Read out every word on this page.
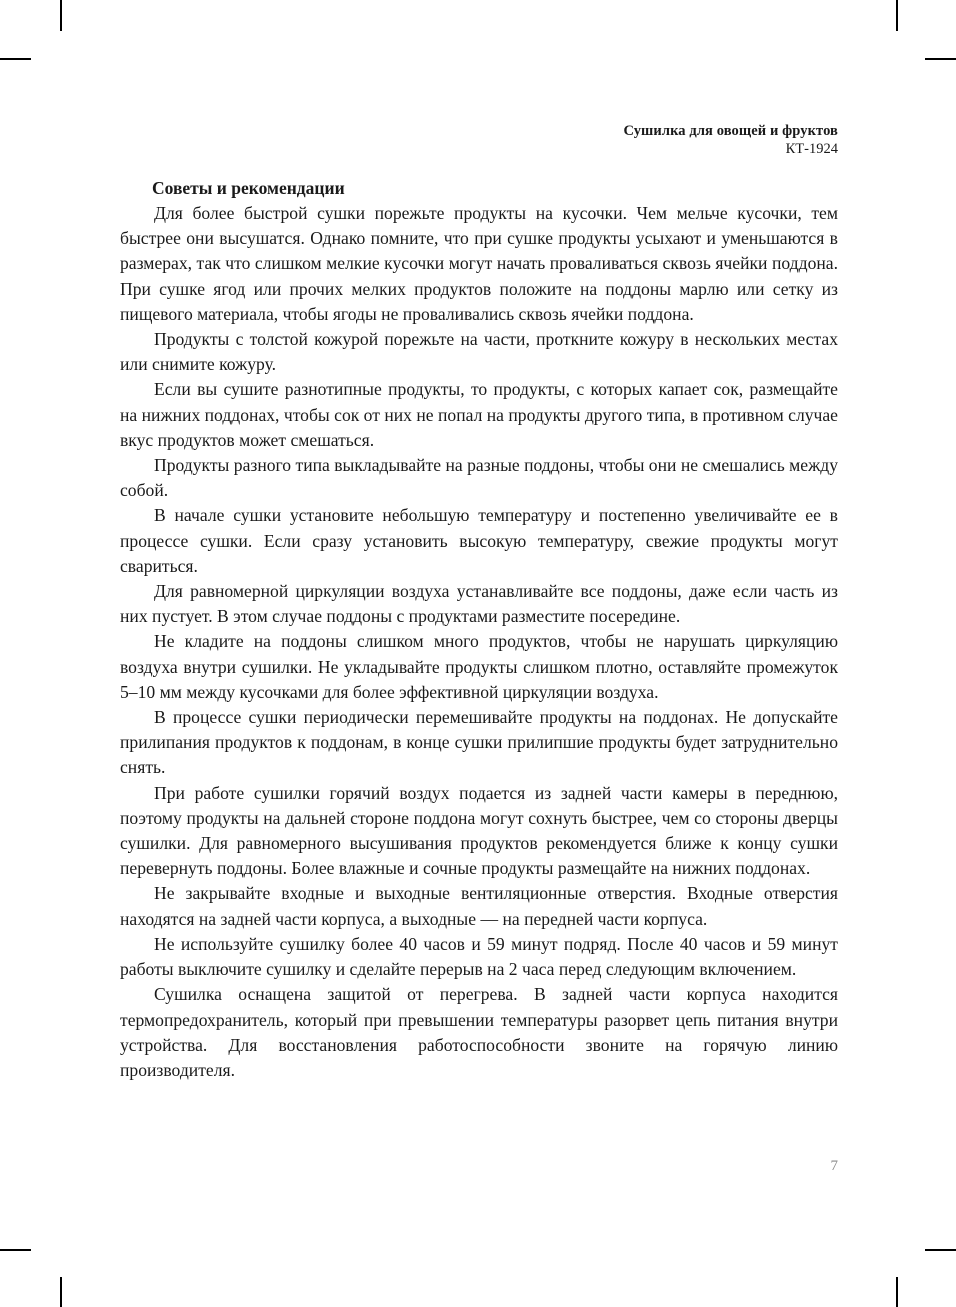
Сушилка для овощей и фруктов
КТ-1924
Советы и рекомендации

Для более быстрой сушки порежьте продукты на кусочки. Чем мельче кусочки, тем быстрее они высушатся. Однако помните, что при сушке продукты усыхают и уменьшаются в размерах, так что слишком мелкие кусочки могут начать проваливаться сквозь ячейки поддона. При сушке ягод или прочих мелких продуктов положите на поддоны марлю или сетку из пищевого материала, чтобы ягоды не проваливались сквозь ячейки поддона.

Продукты с толстой кожурой порежьте на части, проткните кожуру в нескольких местах или снимите кожуру.

Если вы сушите разнотипные продукты, то продукты, с которых капает сок, размещайте на нижних поддонах, чтобы сок от них не попал на продукты другого типа, в противном случае вкус продуктов может смешаться.

Продукты разного типа выкладывайте на разные поддоны, чтобы они не смешались между собой.

В начале сушки установите небольшую температуру и постепенно увеличивайте ее в процессе сушки. Если сразу установить высокую температуру, свежие продукты могут свариться.

Для равномерной циркуляции воздуха устанавливайте все поддоны, даже если часть из них пустует. В этом случае поддоны с продуктами разместите посередине.

Не кладите на поддоны слишком много продуктов, чтобы не нарушать циркуляцию воздуха внутри сушилки. Не укладывайте продукты слишком плотно, оставляйте промежуток 5–10 мм между кусочками для более эффективной циркуляции воздуха.

В процессе сушки периодически перемешивайте продукты на поддонах. Не допускайте прилипания продуктов к поддонам, в конце сушки прилипшие продукты будет затруднительно снять.

При работе сушилки горячий воздух подается из задней части камеры в переднюю, поэтому продукты на дальней стороне поддона могут сохнуть быстрее, чем со стороны дверцы сушилки. Для равномерного высушивания продуктов рекомендуется ближе к концу сушки перевернуть поддоны. Более влажные и сочные продукты размещайте на нижних поддонах.

Не закрывайте входные и выходные вентиляционные отверстия. Входные отверстия находятся на задней части корпуса, а выходные — на передней части корпуса.

Не используйте сушилку более 40 часов и 59 минут подряд. После 40 часов и 59 минут работы выключите сушилку и сделайте перерыв на 2 часа перед следующим включением.

Сушилка оснащена защитой от перегрева. В задней части корпуса находится термопредохранитель, который при превышении температуры разорвет цепь питания внутри устройства. Для восстановления работоспособности звоните на горячую линию производителя.

7
